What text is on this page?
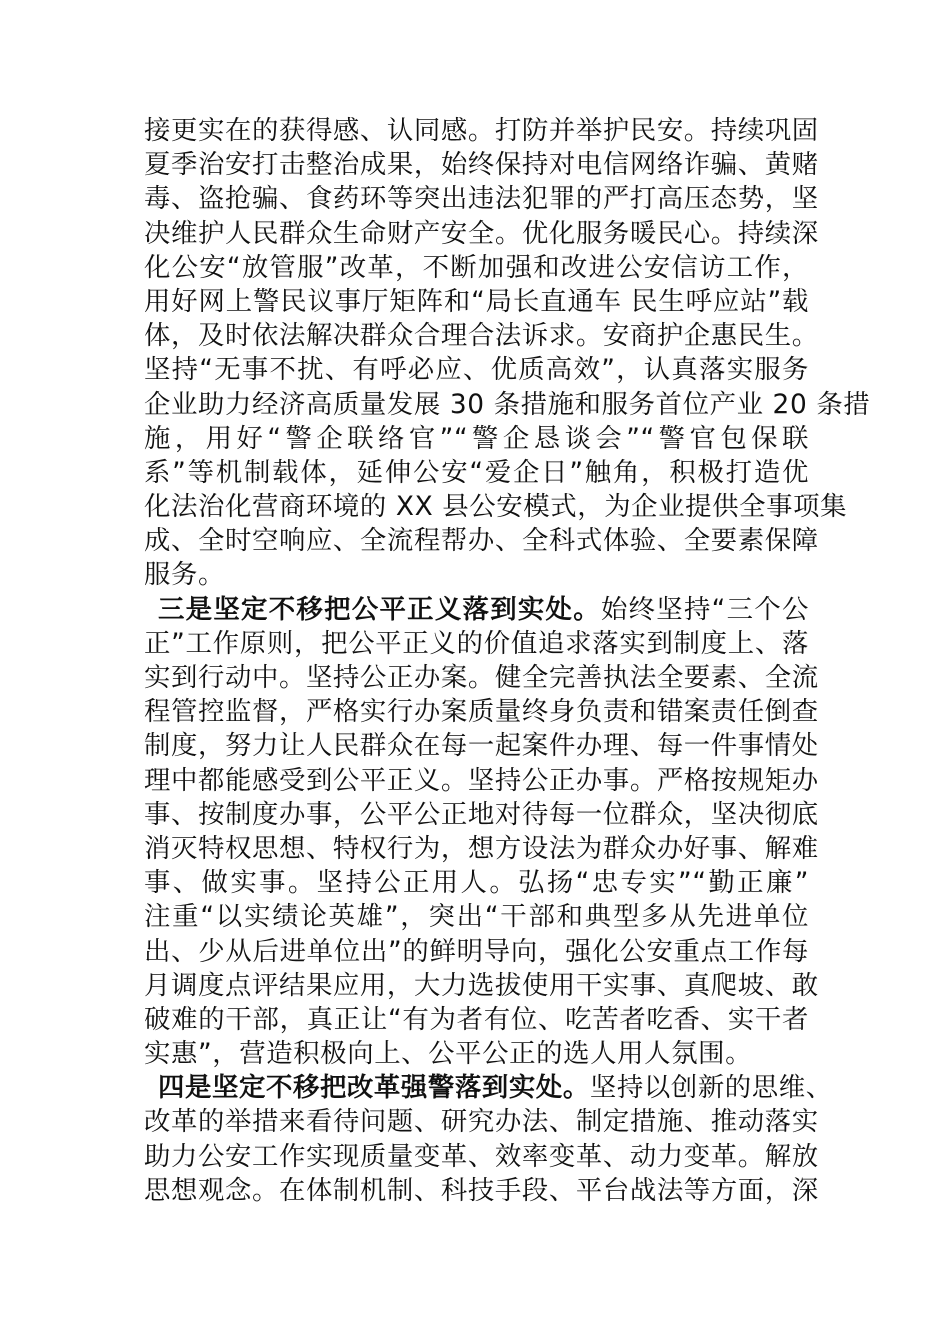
接更实在的获得感、认同感。打防并举护民安。持续巩固
夏季治安打击整治成果，始终保持对电信网络诈骗、黄赌
毒、盗抢骗、食药环等突出违法犯罪的严打高压态势，坚
决维护人民群众生命财产安全。优化服务暖民心。持续深
化公安“放管服”改革，不断加强和改进公安信访工作，
用好网上警民议事厅矩阵和“局长直通车 民生呼应站”载
体，及时依法解决群众合理合法诉求。安商护企惠民生。
坚持“无事不扰、有呼必应、优质高效”，认真落实服务
企业助力经济高质量发展 30 条措施和服务首位产业 20 条措
施，用好“警企联络官”“警企恳谈会”“警官包保联
系”等机制载体，延伸公安“爱企日”触角，积极打造优
化法治化营商环境的 XX 县公安模式，为企业提供全事项集
成、全时空响应、全流程帮办、全科式体验、全要素保障
服务。
三是坚定不移把公平正义落到实处。始终坚持“三个公
正”工作原则，把公平正义的价值追求落实到制度上、落
实到行动中。坚持公正办案。健全完善执法全要素、全流
程管控监督，严格实行办案质量终身负责和错案责任倒查
制度，努力让人民群众在每一起案件办理、每一件事情处
理中都能感受到公平正义。坚持公正办事。严格按规矩办
事、按制度办事，公平公正地对待每一位群众，坚决彻底
消灭特权思想、特权行为，想方设法为群众办好事、解难
事、做实事。坚持公正用人。弘扬“忠专实”“勤正廉”
注重“以实绩论英雄”，突出“干部和典型多从先进单位
出、少从后进单位出”的鲜明导向，强化公安重点工作每
月调度点评结果应用，大力选拔使用干实事、真爬坡、敢
破难的干部，真正让“有为者有位、吃苦者吃香、实干者
实惠”，营造积极向上、公平公正的选人用人氛围。
四是坚定不移把改革强警落到实处。坚持以创新的思维、
改革的举措来看待问题、研究办法、制定措施、推动落实
助力公安工作实现质量变革、效率变革、动力变革。解放
思想观念。在体制机制、科技手段、平台战法等方面，深
